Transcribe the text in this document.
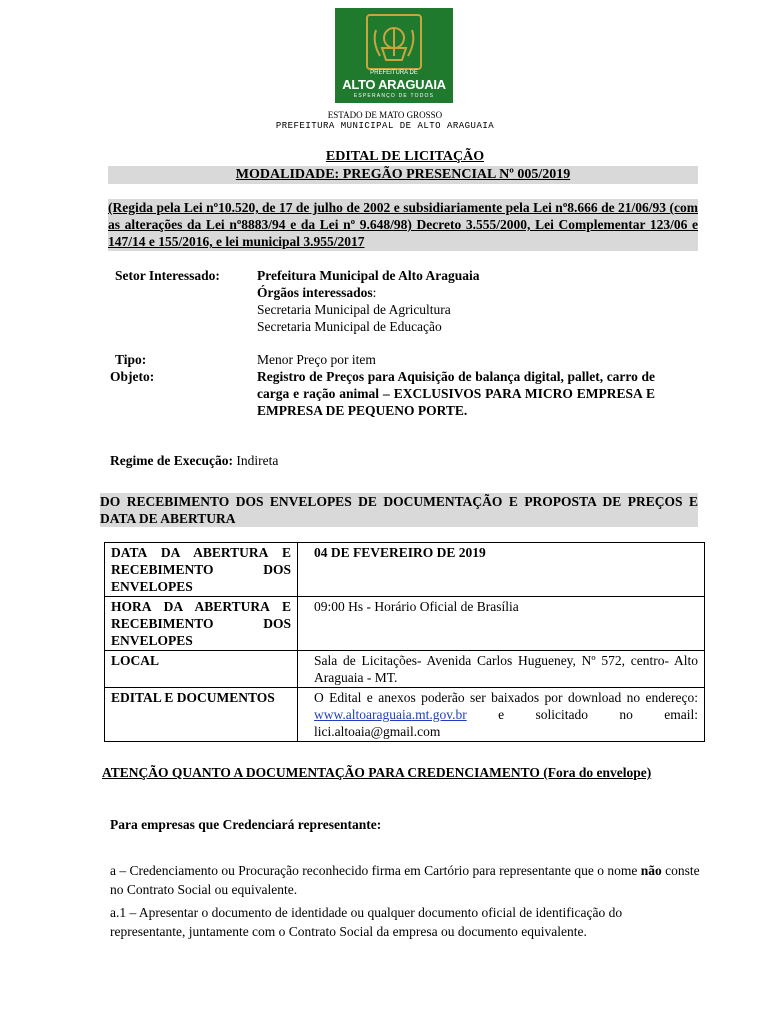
PREFEITURA DE
ALTO ARAGUAIA
ESPERANÇO DE TODOS
ESTADO DE MATO GROSSO
PREFEITURA MUNICIPAL DE ALTO ARAGUAIA
EDITAL DE LICITAÇÃO
MODALIDADE: PREGÃO PRESENCIAL Nº 005/2019
(Regida pela Lei nº10.520, de 17 de julho de 2002 e subsidiariamente pela Lei nº8.666 de 21/06/93 (com as alterações da Lei nº8883/94 e da Lei nº 9.648/98) Decreto 3.555/2000, Lei Complementar 123/06 e 147/14 e 155/2016, e lei municipal 3.955/2017
Setor Interessado:	Prefeitura Municipal de Alto Araguaia
Órgãos interessados:
Secretaria Municipal de Agricultura
Secretaria Municipal de Educação
Tipo:	Menor Preço por item
Objeto:	Registro de Preços para Aquisição de balança digital, pallet, carro de carga e ração animal – EXCLUSIVOS PARA MICRO EMPRESA E EMPRESA DE PEQUENO PORTE.
Regime de Execução: Indireta
DO RECEBIMENTO DOS ENVELOPES DE DOCUMENTAÇÃO E PROPOSTA DE PREÇOS E DATA DE ABERTURA
DATA DA ABERTURA E RECEBIMENTO DOS ENVELOPES	04 DE FEVEREIRO DE 2019
HORA DA ABERTURA E RECEBIMENTO DOS ENVELOPES	09:00 Hs - Horário Oficial de Brasília
LOCAL	Sala de Licitações- Avenida Carlos Hugueney, Nº 572, centro- Alto Araguaia - MT.
EDITAL E DOCUMENTOS	O Edital e anexos poderão ser baixados por download no endereço: www.altoaraguaia.mt.gov.br e solicitado no email: lici.altoaia@gmail.com
ATENÇÃO QUANTO A DOCUMENTAÇÃO PARA CREDENCIAMENTO (Fora do envelope)
Para empresas que Credenciará representante:
a – Credenciamento ou Procuração reconhecido firma em Cartório para representante que o nome não conste no Contrato Social ou equivalente.
a.1 – Apresentar o documento de identidade ou qualquer documento oficial de identificação do representante, juntamente com o Contrato Social da empresa ou documento equivalente.
